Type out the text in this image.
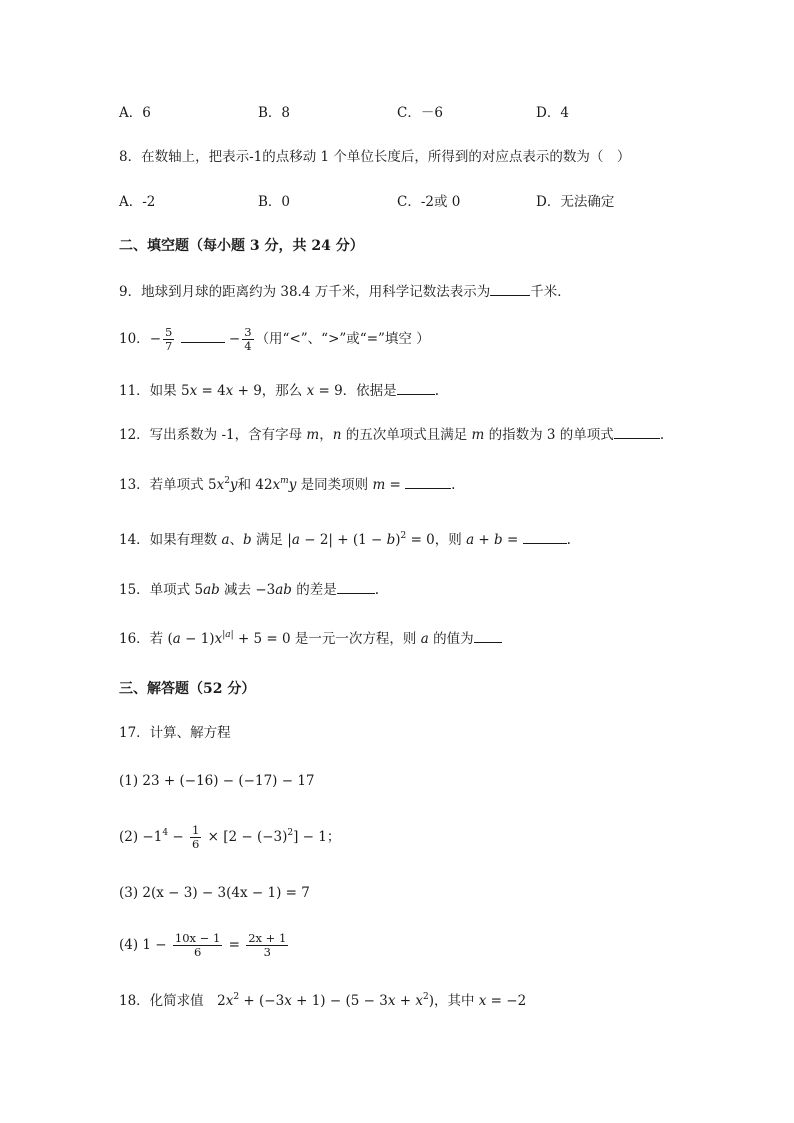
A．6	B．8	C．－6	D．4
8．在数轴上，把表示-1的点移动 1 个单位长度后，所得到的对应点表示的数为（　）
A．-2	B．0	C．-2或 0	D．无法确定
二、填空题（每小题 3 分，共 24 分）
9．地球到月球的距离约为 38.4 万千米，用科学记数法表示为	千米．
10．− $\frac{5}{7}$	− $\frac{3}{4}$ （用“<”、“>”或“=”填空 ）
11．如果 5x = 4x + 9，那么 x = 9．依据是	.
12．写出系数为 -1，含有字母 m，n 的五次单项式且满足 m 的指数为 3 的单项式	.
13．若单项式 $5x^2y$和 $42x^my$ 是同类项则 m =	.
14．如果有理数 a、b 满足 $|a - 2| + (1 - b)^2 = 0$，则 a + b =	.
15．单项式 5ab 减去 −3ab 的差是	.
16．若 $(a - 1)x^{|a|} + 5 = 0$ 是一元一次方程，则 a 的值为
三、解答题（52 分）
17．计算、解方程
(1) 23 + (−16) − (−17) − 17
$(2) -1^4 - \frac{1}{6} \times [2 - (-3)^2] - 1$；
(3) 2(x − 3) − 3(4x − 1) = 7
(4) $1 - \frac{10x - 1}{6} = \frac{2x + 1}{3}$
18．化简求值　$2x^2 + (-3x + 1) - (5 - 3x + x^2)$，其中 x = −2
